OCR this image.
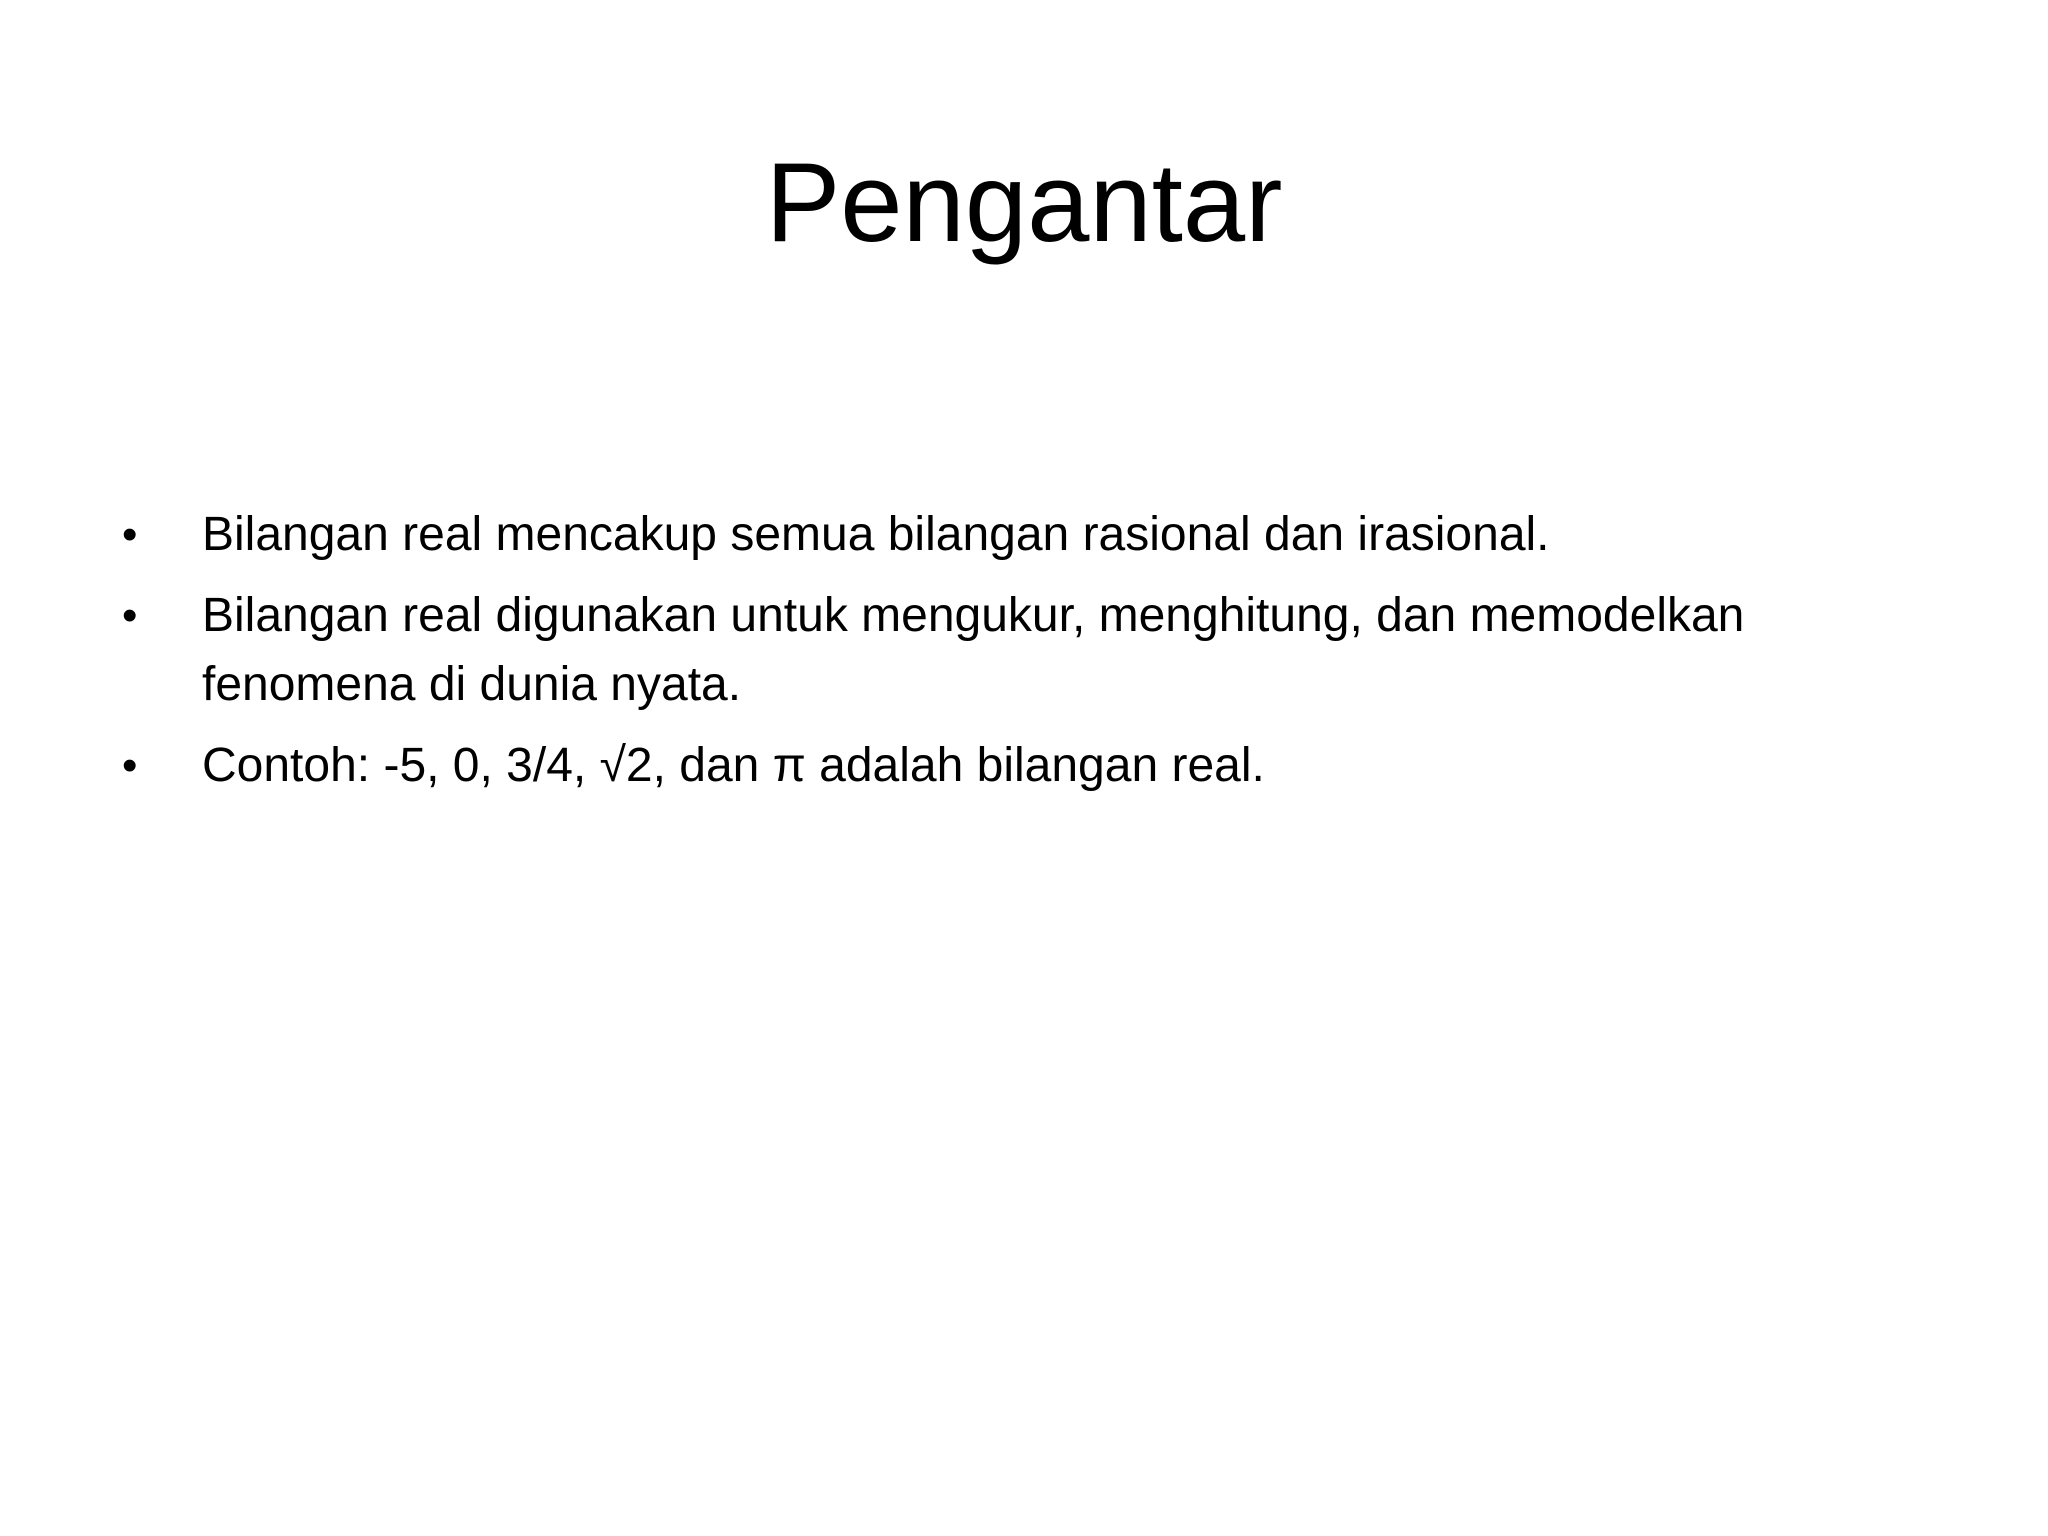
Pengantar
• Bilangan real mencakup semua bilangan rasional dan irasional.
• Bilangan real digunakan untuk mengukur, menghitung, dan memodelkan fenomena di dunia nyata.
• Contoh: -5, 0, 3/4, √2, dan π adalah bilangan real.
